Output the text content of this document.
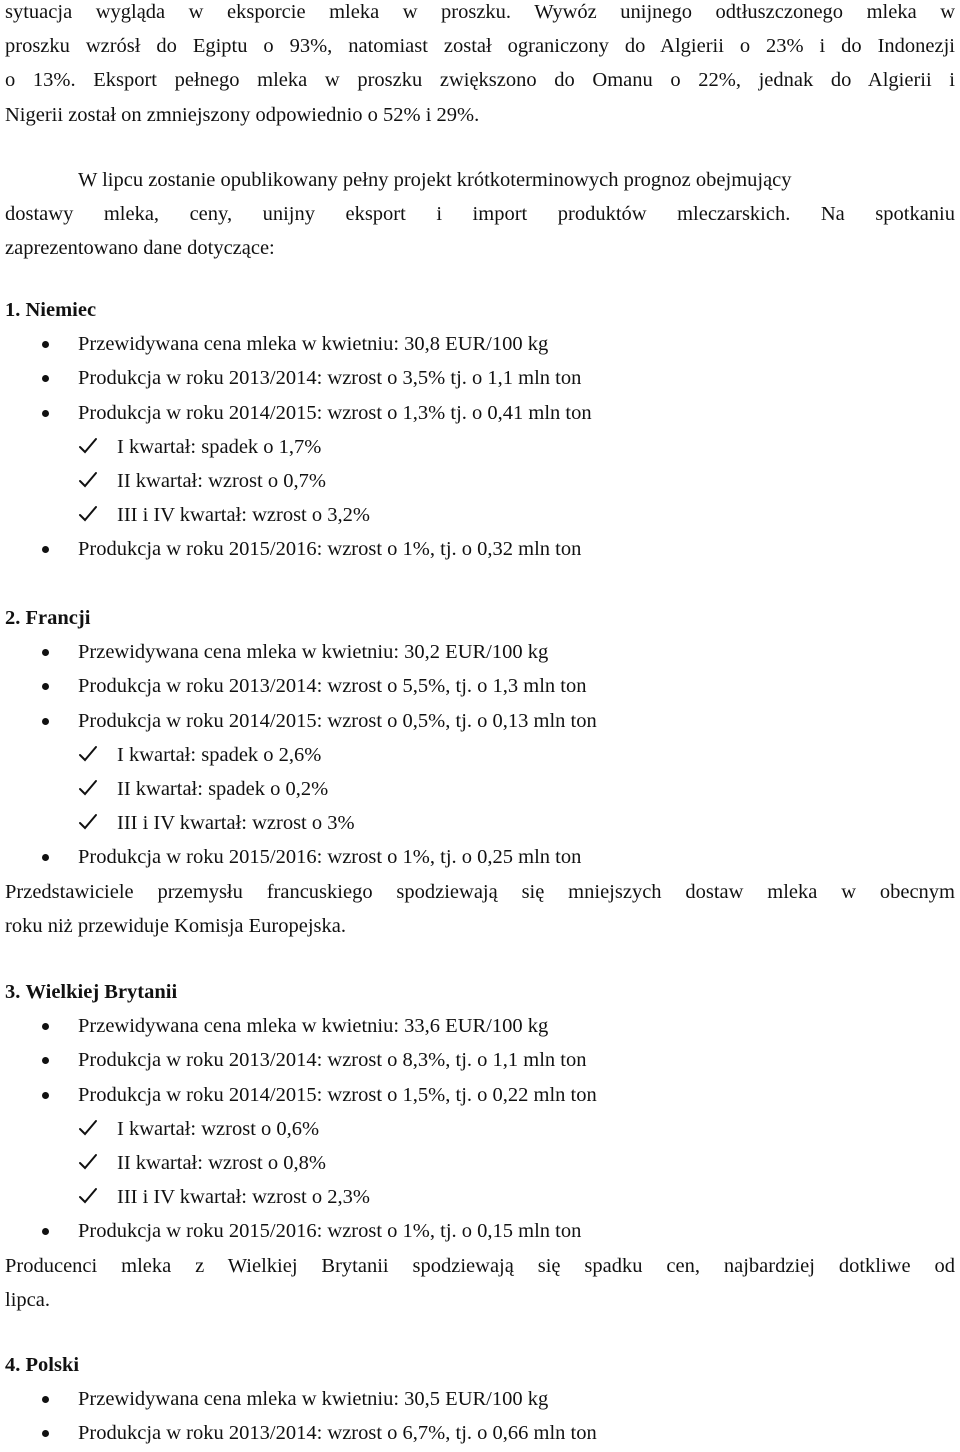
sytuacja wygląda w eksporcie mleka w proszku. Wywóz unijnego odtłuszczonego mleka w
proszku wzrósł do Egiptu o 93%, natomiast został ograniczony do Algierii o 23% i do Indonezji
o 13%. Eksport pełnego mleka w proszku zwiększono do Omanu o 22%, jednak do Algierii i
Nigerii został on zmniejszony odpowiednio o 52% i 29%.
W lipcu zostanie opublikowany pełny projekt krótkoterminowych prognoz obejmujący
dostawy mleka, ceny, unijny eksport i import produktów mleczarskich. Na spotkaniu
zaprezentowano dane dotyczące:
1. Niemiec
Przewidywana cena mleka w kwietniu: 30,8 EUR/100 kg
Produkcja w roku 2013/2014: wzrost o 3,5% tj. o 1,1 mln ton
Produkcja w roku 2014/2015: wzrost o 1,3% tj. o 0,41 mln ton
I kwartał: spadek o 1,7%
II kwartał: wzrost o 0,7%
III i IV kwartał: wzrost o 3,2%
Produkcja w roku 2015/2016: wzrost o 1%, tj. o 0,32 mln ton
2. Francji
Przewidywana cena mleka w kwietniu: 30,2 EUR/100 kg
Produkcja w roku 2013/2014: wzrost o 5,5%, tj. o 1,3 mln ton
Produkcja w roku 2014/2015: wzrost o 0,5%, tj. o 0,13 mln ton
I kwartał: spadek o 2,6%
II kwartał: spadek o 0,2%
III i IV kwartał: wzrost o 3%
Produkcja w roku 2015/2016: wzrost o 1%, tj. o 0,25 mln ton
Przedstawiciele przemysłu francuskiego spodziewają się mniejszych dostaw mleka w obecnym
roku niż przewiduje Komisja Europejska.
3. Wielkiej Brytanii
Przewidywana cena mleka w kwietniu: 33,6 EUR/100 kg
Produkcja w roku 2013/2014: wzrost o 8,3%, tj. o 1,1 mln ton
Produkcja w roku 2014/2015: wzrost o 1,5%, tj. o 0,22 mln ton
I kwartał: wzrost o 0,6%
II kwartał: wzrost o 0,8%
III i IV kwartał: wzrost o 2,3%
Produkcja w roku 2015/2016: wzrost o 1%, tj. o 0,15 mln ton
Producenci mleka z Wielkiej Brytanii spodziewają się spadku cen, najbardziej dotkliwe od
lipca.
4. Polski
Przewidywana cena mleka w kwietniu: 30,5 EUR/100 kg
Produkcja w roku 2013/2014: wzrost o 6,7%, tj. o 0,66 mln ton
